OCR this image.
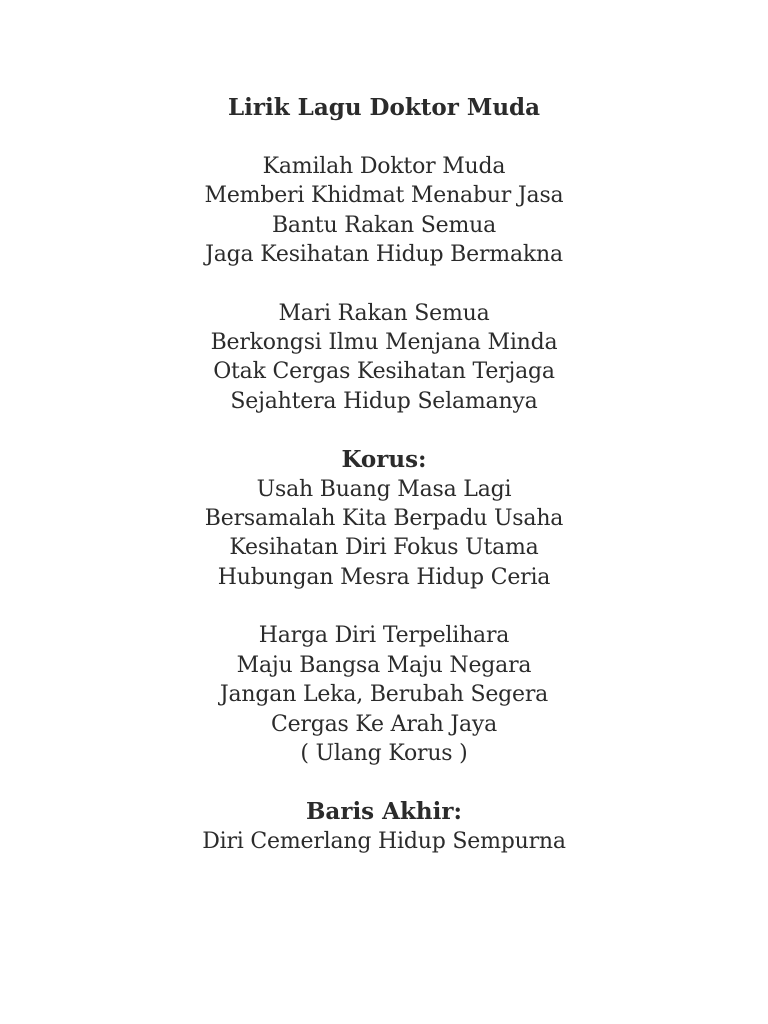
Lirik Lagu Doktor Muda
Kamilah Doktor Muda
Memberi Khidmat Menabur Jasa
Bantu Rakan Semua
Jaga Kesihatan Hidup Bermakna
Mari Rakan Semua
Berkongsi Ilmu Menjana Minda
Otak Cergas Kesihatan Terjaga
Sejahtera Hidup Selamanya
Korus:
Usah Buang Masa Lagi
Bersamalah Kita Berpadu Usaha
Kesihatan Diri Fokus Utama
Hubungan Mesra Hidup Ceria
Harga Diri Terpelihara
Maju Bangsa Maju Negara
Jangan Leka, Berubah Segera
Cergas Ke Arah Jaya
( Ulang Korus )
Baris Akhir:
Diri Cemerlang Hidup Sempurna
